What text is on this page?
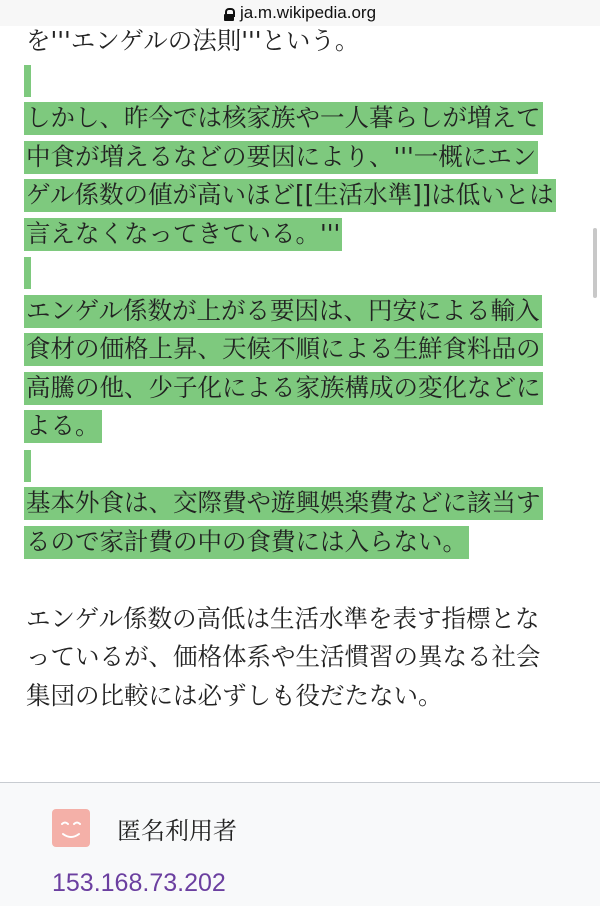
ja.m.wikipedia.org
を'''エンゲルの法則'''という。
しかし、昨今では核家族や一人暮らしが増えて
中食が増えるなどの要因により、'''一概にエン
ゲル係数の値が高いほど[[生活水準]]は低いとは
言えなくなってきている。'''
エンゲル係数が上がる要因は、円安による輸入
食材の価格上昇、天候不順による生鮮食料品の
高騰の他、少子化による家族構成の変化などに
よる。
基本外食は、交際費や遊興娯楽費などに該当す
るので家計費の中の食費には入らない。
エンゲル係数の高低は生活水準を表す指標とな
っているが、価格体系や生活慣習の異なる社会
集団の比較には必ずしも役だたない。
匿名利用者
153.168.73.202
